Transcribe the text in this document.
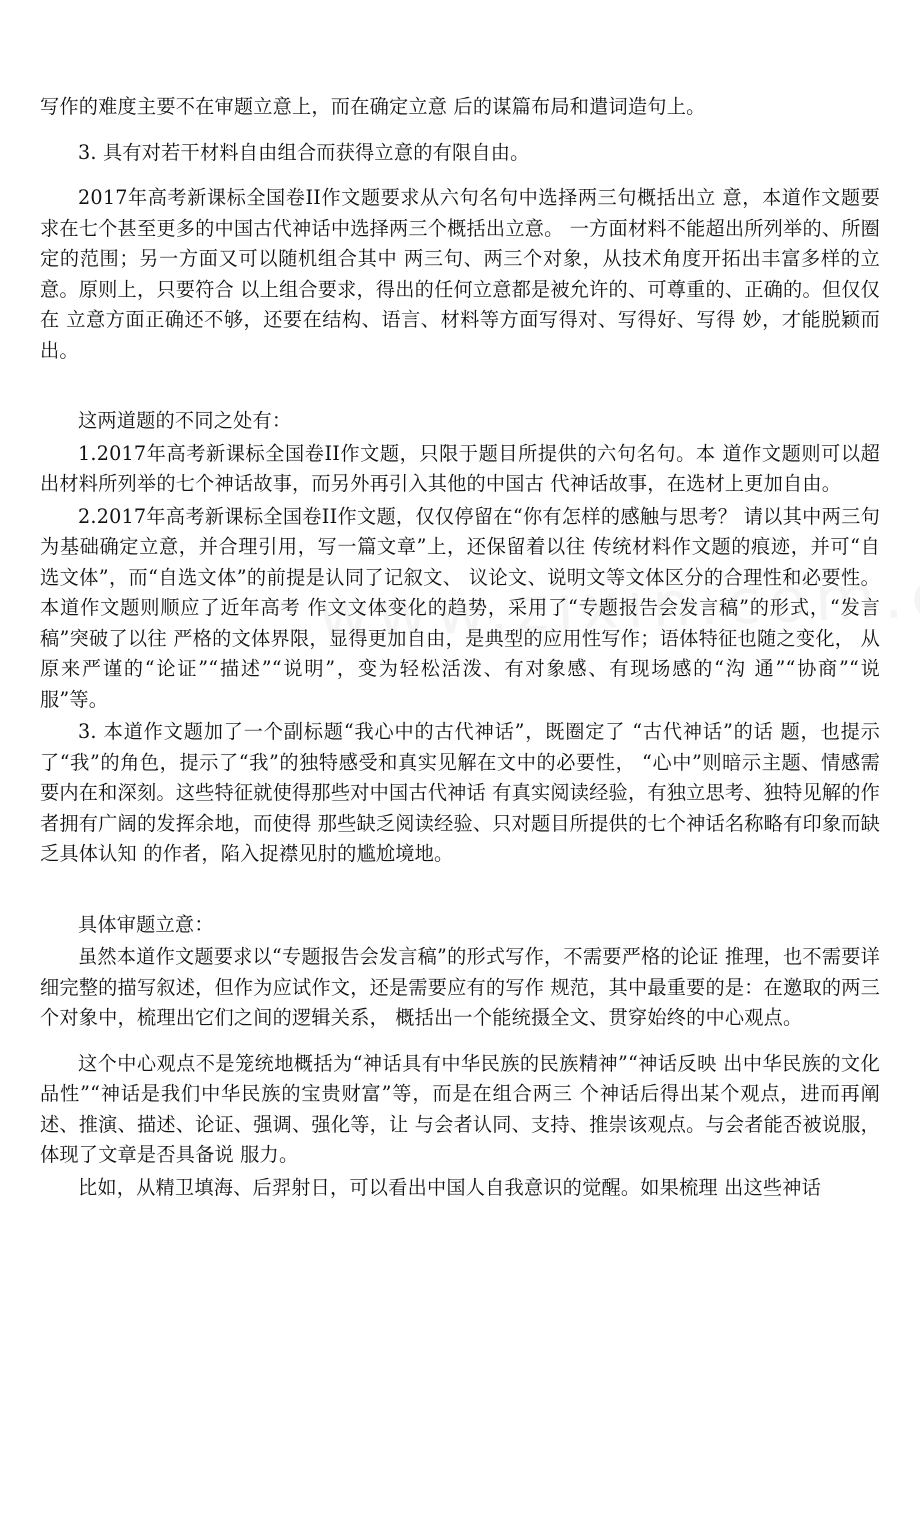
写作的难度主要不在审题立意上，而在确定立意 后的谋篇布局和遣词造句上。

3. 具有对若干材料自由组合而获得立意的有限自由。

2017年高考新课标全国卷II作文题要求从六句名句中选择两三句概括出立 意，本道作文题要求在七个甚至更多的中国古代神话中选择两三个概括出立意。 一方面材料不能超出所列举的、所圈定的范围；另一方面又可以随机组合其中 两三句、两三个对象，从技术角度开拓出丰富多样的立意。原则上，只要符合 以上组合要求，得出的任何立意都是被允许的、可尊重的、正确的。但仅仅在 立意方面正确还不够，还要在结构、语言、材料等方面写得对、写得好、写得 妙，才能脱颖而出。

这两道题的不同之处有：

1.2017年高考新课标全国卷II作文题，只限于题目所提供的六句名句。本 道作文题则可以超出材料所列举的七个神话故事，而另外再引入其他的中国古 代神话故事，在选材上更加自由。

2.2017年高考新课标全国卷II作文题，仅仅停留在“你有怎样的感触与思考？ 请以其中两三句为基础确定立意，并合理引用，写一篇文章”上，还保留着以往 传统材料作文题的痕迹，并可“自选文体”，而“自选文体”的前提是认同了记叙文、 议论文、说明文等文体区分的合理性和必要性。本道作文题则顺应了近年高考 作文文体变化的趋势，采用了“专题报告会发言稿”的形式，“发言稿”突破了以往 严格的文体界限，显得更加自由，是典型的应用性写作；语体特征也随之变化， 从原来严谨的“论证”“描述”“说明”，变为轻松活泼、有对象感、有现场感的“沟 通”“协商”“说服”等。

3. 本道作文题加了一个副标题“我心中的古代神话”，既圈定了 “古代神话”的话 题，也提示了“我”的角色，提示了“我”的独特感受和真实见解在文中的必要性， “心中”则暗示主题、情感需要内在和深刻。这些特征就使得那些对中国古代神话 有真实阅读经验，有独立思考、独特见解的作者拥有广阔的发挥余地，而使得 那些缺乏阅读经验、只对题目所提供的七个神话名称略有印象而缺乏具体认知 的作者，陷入捉襟见肘的尴尬境地。

具体审题立意：

虽然本道作文题要求以“专题报告会发言稿”的形式写作，不需要严格的论证 推理，也不需要详细完整的描写叙述，但作为应试作文，还是需要应有的写作 规范，其中最重要的是：在邀取的两三个对象中，梳理出它们之间的逻辑关系， 概括出一个能统摄全文、贯穿始终的中心观点。

这个中心观点不是笼统地概括为“神话具有中华民族的民族精神”“神话反映 出中华民族的文化品性”“神话是我们中华民族的宝贵财富”等，而是在组合两三 个神话后得出某个观点，进而再阐述、推演、描述、论证、强调、强化等，让 与会者认同、支持、推崇该观点。与会者能否被说服，体现了文章是否具备说 服力。

比如，从精卫填海、后羿射日，可以看出中国人自我意识的觉醒。如果梳理 出这些神话
